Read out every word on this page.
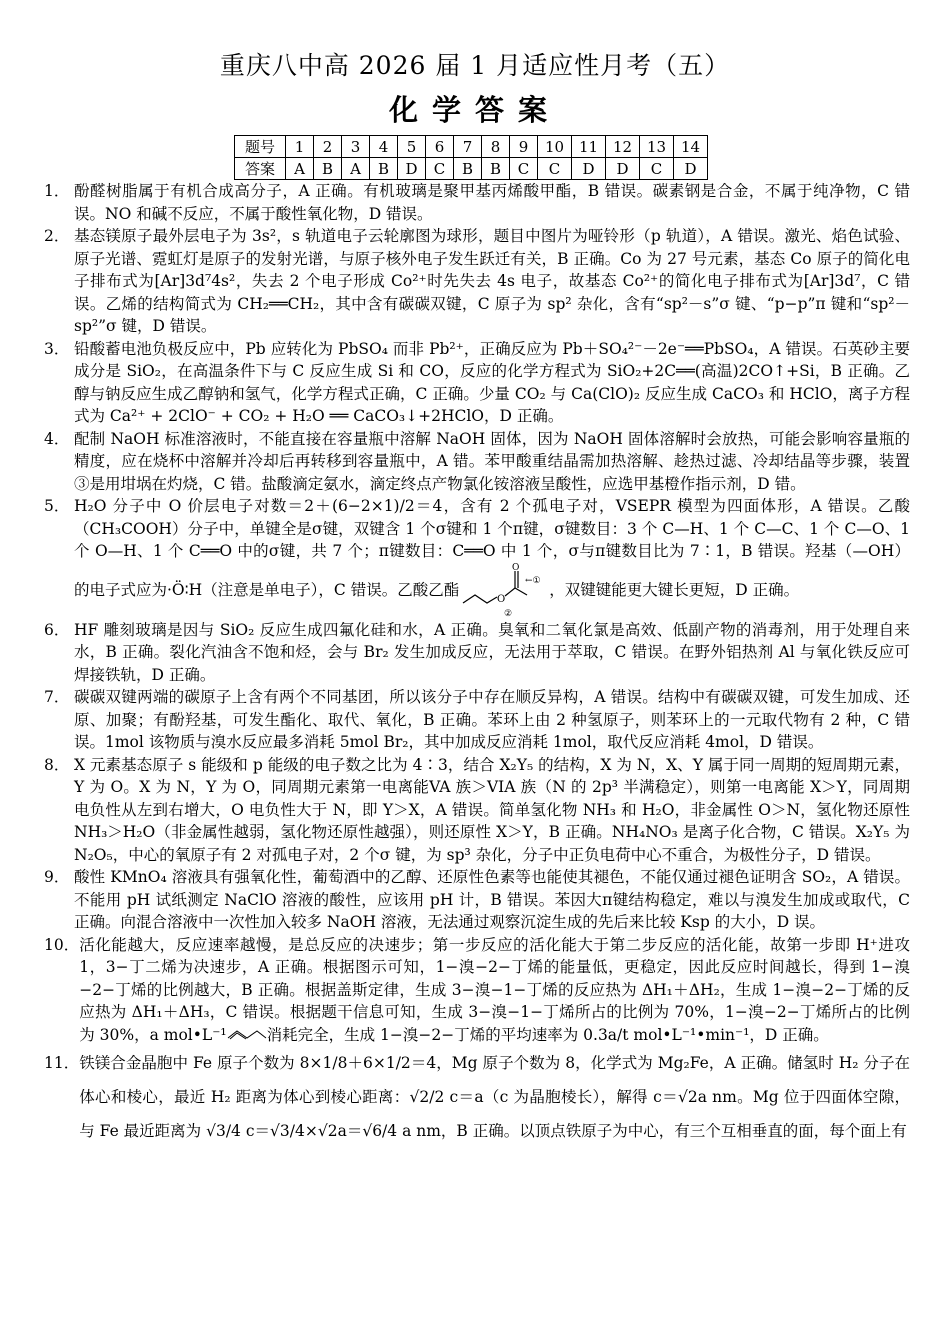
重庆八中高 2026 届 1 月适应性月考（五）
化学答案
题号	1	2	3	4	5	6	7	8	9	10	11	12	13	14
答案	A	B	A	B	D	C	B	B	C	C	D	D	C	D
1． 酚醛树脂属于有机合成高分子，A 正确。有机玻璃是聚甲基丙烯酸甲酯，B 错误。碳素钢是合金，不属于纯净物，C 错误。NO 和碱不反应，不属于酸性氧化物，D 错误。

2． 基态镁原子最外层电子为 3s²，s 轨道电子云轮廓图为球形，题目中图片为哑铃形（p 轨道），A 错误。激光、焰色试验、原子光谱、霓虹灯是原子的发射光谱，与原子核外电子发生跃迁有关，B 正确。Co 为 27 号元素，基态 Co 原子的简化电子排布式为[Ar]3d⁷4s²，失去 2 个电子形成 Co²⁺时先失去 4s 电子，故基态 Co²⁺的简化电子排布式为[Ar]3d⁷，C 错误。乙烯的结构简式为 CH₂══CH₂，其中含有碳碳双键，C 原子为 sp² 杂化，含有“sp²－s”σ 键、“p−p”π 键和“sp²－sp²”σ 键，D 错误。

3． 铅酸蓄电池负极反应中，Pb 应转化为 PbSO₄ 而非 Pb²⁺，正确反应为 Pb＋SO₄²⁻－2e⁻══PbSO₄，A 错误。石英砂主要成分是 SiO₂，在高温条件下与 C 反应生成 Si 和 CO，反应的化学方程式为 SiO₂+2C══(高温)2CO↑+Si，B 正确。乙醇与钠反应生成乙醇钠和氢气，化学方程式正确，C 正确。少量 CO₂ 与 Ca(ClO)₂ 反应生成 CaCO₃ 和 HClO，离子方程式为 Ca²⁺ + 2ClO⁻ + CO₂ + H₂O ══ CaCO₃↓+2HClO，D 正确。

4． 配制 NaOH 标准溶液时，不能直接在容量瓶中溶解 NaOH 固体，因为 NaOH 固体溶解时会放热，可能会影响容量瓶的精度，应在烧杯中溶解并冷却后再转移到容量瓶中，A 错。苯甲酸重结晶需加热溶解、趁热过滤、冷却结晶等步骤，装置③是用坩埚在灼烧，C 错。盐酸滴定氨水，滴定终点产物氯化铵溶液呈酸性，应选甲基橙作指示剂，D 错。

5． H₂O 分子中 O 价层电子对数＝2＋(6−2×1)/2＝4，含有 2 个孤电子对，VSEPR 模型为四面体形，A 错误。乙酸（CH₃COOH）分子中，单键全是σ键，双键含 1 个σ键和 1 个π键，σ键数目：3 个 C—H、1 个 C—C、1 个 C—O、1 个 O—H、1 个 C══O 中的σ键，共 7 个；π键数目：C══O 中 1 个，σ与π键数目比为 7∶1，B 错误。羟基（—OH）的电子式应为·Ö∶H（注意是单电子），C 错误。乙酸乙酯
O
O
←①
②
，双键键能更大键长更短，D 正确。

6． HF 雕刻玻璃是因与 SiO₂ 反应生成四氟化硅和水，A 正确。臭氧和二氧化氯是高效、低副产物的消毒剂，用于处理自来水，B 正确。裂化汽油含不饱和烃，会与 Br₂ 发生加成反应，无法用于萃取，C 错误。在野外铝热剂 Al 与氧化铁反应可焊接铁轨，D 正确。

7． 碳碳双键两端的碳原子上含有两个不同基团，所以该分子中存在顺反异构，A 错误。结构中有碳碳双键，可发生加成、还原、加聚；有酚羟基，可发生酯化、取代、氧化，B 正确。苯环上由 2 种氢原子，则苯环上的一元取代物有 2 种，C 错误。1mol 该物质与溴水反应最多消耗 5mol Br₂，其中加成反应消耗 1mol，取代反应消耗 4mol，D 错误。

8． X 元素基态原子 s 能级和 p 能级的电子数之比为 4∶3，结合 X₂Y₅ 的结构，X 为 N，X、Y 属于同一周期的短周期元素，Y 为 O。X 为 N，Y 为 O，同周期元素第一电离能VA 族＞VIA 族（N 的 2p³ 半满稳定），则第一电离能 X＞Y，同周期电负性从左到右增大，O 电负性大于 N，即 Y＞X，A 错误。简单氢化物 NH₃ 和 H₂O，非金属性 O＞N，氢化物还原性 NH₃＞H₂O（非金属性越弱，氢化物还原性越强），则还原性 X＞Y，B 正确。NH₄NO₃ 是离子化合物，C 错误。X₂Y₅ 为 N₂O₅，中心的氧原子有 2 对孤电子对，2 个σ 键，为 sp³ 杂化，分子中正负电荷中心不重合，为极性分子，D 错误。

9． 酸性 KMnO₄ 溶液具有强氧化性，葡萄酒中的乙醇、还原性色素等也能使其褪色，不能仅通过褪色证明含 SO₂，A 错误。不能用 pH 试纸测定 NaClO 溶液的酸性，应该用 pH 计，B 错误。苯因大π键结构稳定，难以与溴发生加成或取代，C 正确。向混合溶液中一次性加入较多 NaOH 溶液，无法通过观察沉淀生成的先后来比较 Ksp 的大小，D 误。

10． 活化能越大，反应速率越慢，是总反应的决速步；第一步反应的活化能大于第二步反应的活化能，故第一步即 H⁺进攻 1，3−丁二烯为决速步，A 正确。根据图示可知，1−溴−2−丁烯的能量低，更稳定，因此反应时间越长，得到 1−溴−2−丁烯的比例越大，B 正确。根据盖斯定律，生成 3−溴−1−丁烯的反应热为 ΔH₁＋ΔH₂，生成 1−溴−2−丁烯的反应热为 ΔH₁＋ΔH₃，C 错误。根据题干信息可知，生成 3−溴−1−丁烯所占的比例为 70%，1−溴−2−丁烯所占的比例为 30%，a mol•L⁻¹	消耗完全，生成 1−溴−2−丁烯的平均速率为 0.3a/t mol•L⁻¹•min⁻¹，D 正确。

11． 铁镁合金晶胞中 Fe 原子个数为 8×1/8＋6×1/2＝4，Mg 原子个数为 8，化学式为 Mg₂Fe，A 正确。储氢时 H₂ 分子在体心和棱心，最近 H₂ 距离为体心到棱心距离：√2/2 c＝a（c 为晶胞棱长），解得 c＝√2a nm。Mg 位于四面体空隙，与 Fe 最近距离为 √3/4 c＝√3/4×√2a＝√6/4 a nm，B 正确。以顶点铁原子为中心，有三个互相垂直的面，每个面上有
